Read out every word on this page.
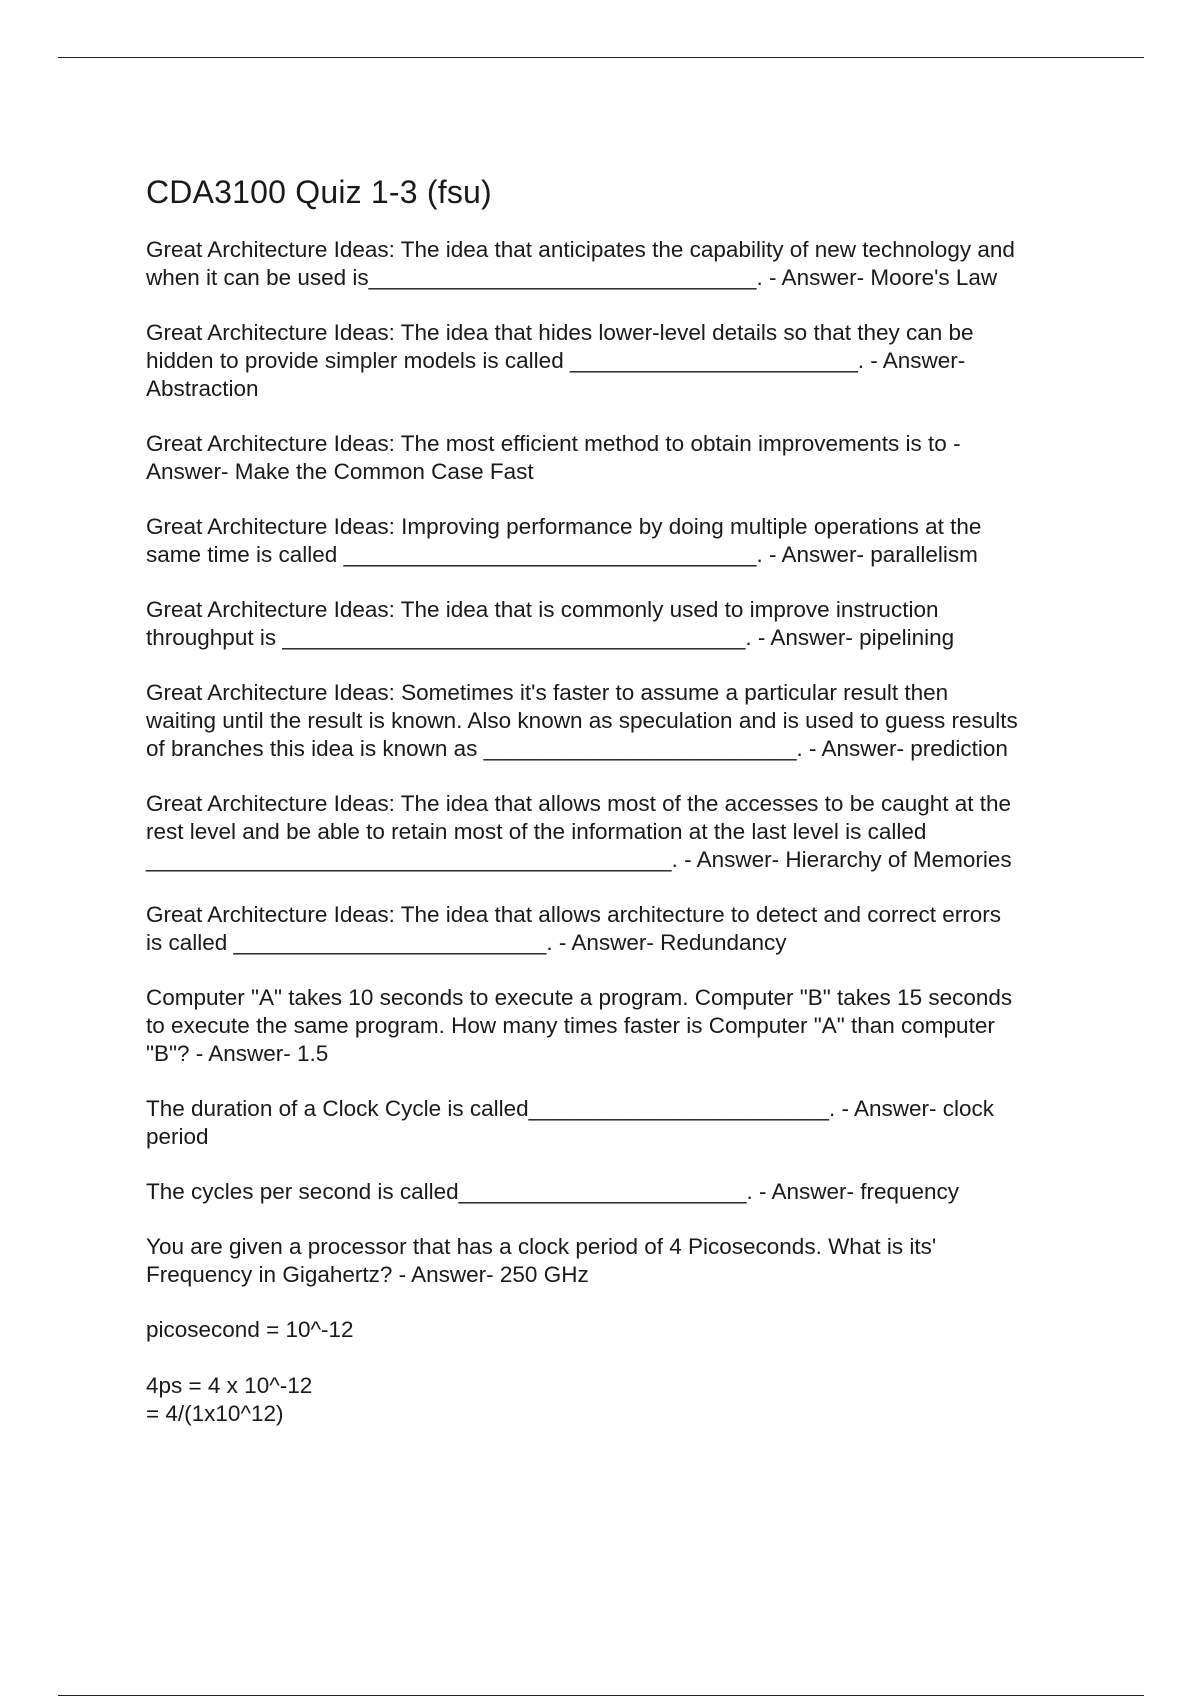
CDA3100 Quiz 1-3 (fsu)

Great Architecture Ideas: The idea that anticipates the capability of new technology and
when it can be used is_______________________________. - Answer- Moore's Law

Great Architecture Ideas: The idea that hides lower-level details so that they can be
hidden to provide simpler models is called _______________________. - Answer-
Abstraction

Great Architecture Ideas: The most efficient method to obtain improvements is to -
Answer- Make the Common Case Fast

Great Architecture Ideas: Improving performance by doing multiple operations at the
same time is called _________________________________. - Answer- parallelism

Great Architecture Ideas: The idea that is commonly used to improve instruction
throughput is _____________________________________. - Answer- pipelining

Great Architecture Ideas: Sometimes it's faster to assume a particular result then
waiting until the result is known. Also known as speculation and is used to guess results
of branches this idea is known as _________________________. - Answer- prediction

Great Architecture Ideas: The idea that allows most of the accesses to be caught at the
rest level and be able to retain most of the information at the last level is called
__________________________________________. - Answer- Hierarchy of Memories

Great Architecture Ideas: The idea that allows architecture to detect and correct errors
is called _________________________. - Answer- Redundancy

Computer "A" takes 10 seconds to execute a program. Computer "B" takes 15 seconds
to execute the same program. How many times faster is Computer "A" than computer
"B"? - Answer- 1.5

The duration of a Clock Cycle is called________________________. - Answer- clock
period

The cycles per second is called_______________________. - Answer- frequency

You are given a processor that has a clock period of 4 Picoseconds. What is its'
Frequency in Gigahertz? - Answer- 250 GHz

picosecond = 10^-12

4ps = 4 x 10^-12
= 4/(1x10^12)
